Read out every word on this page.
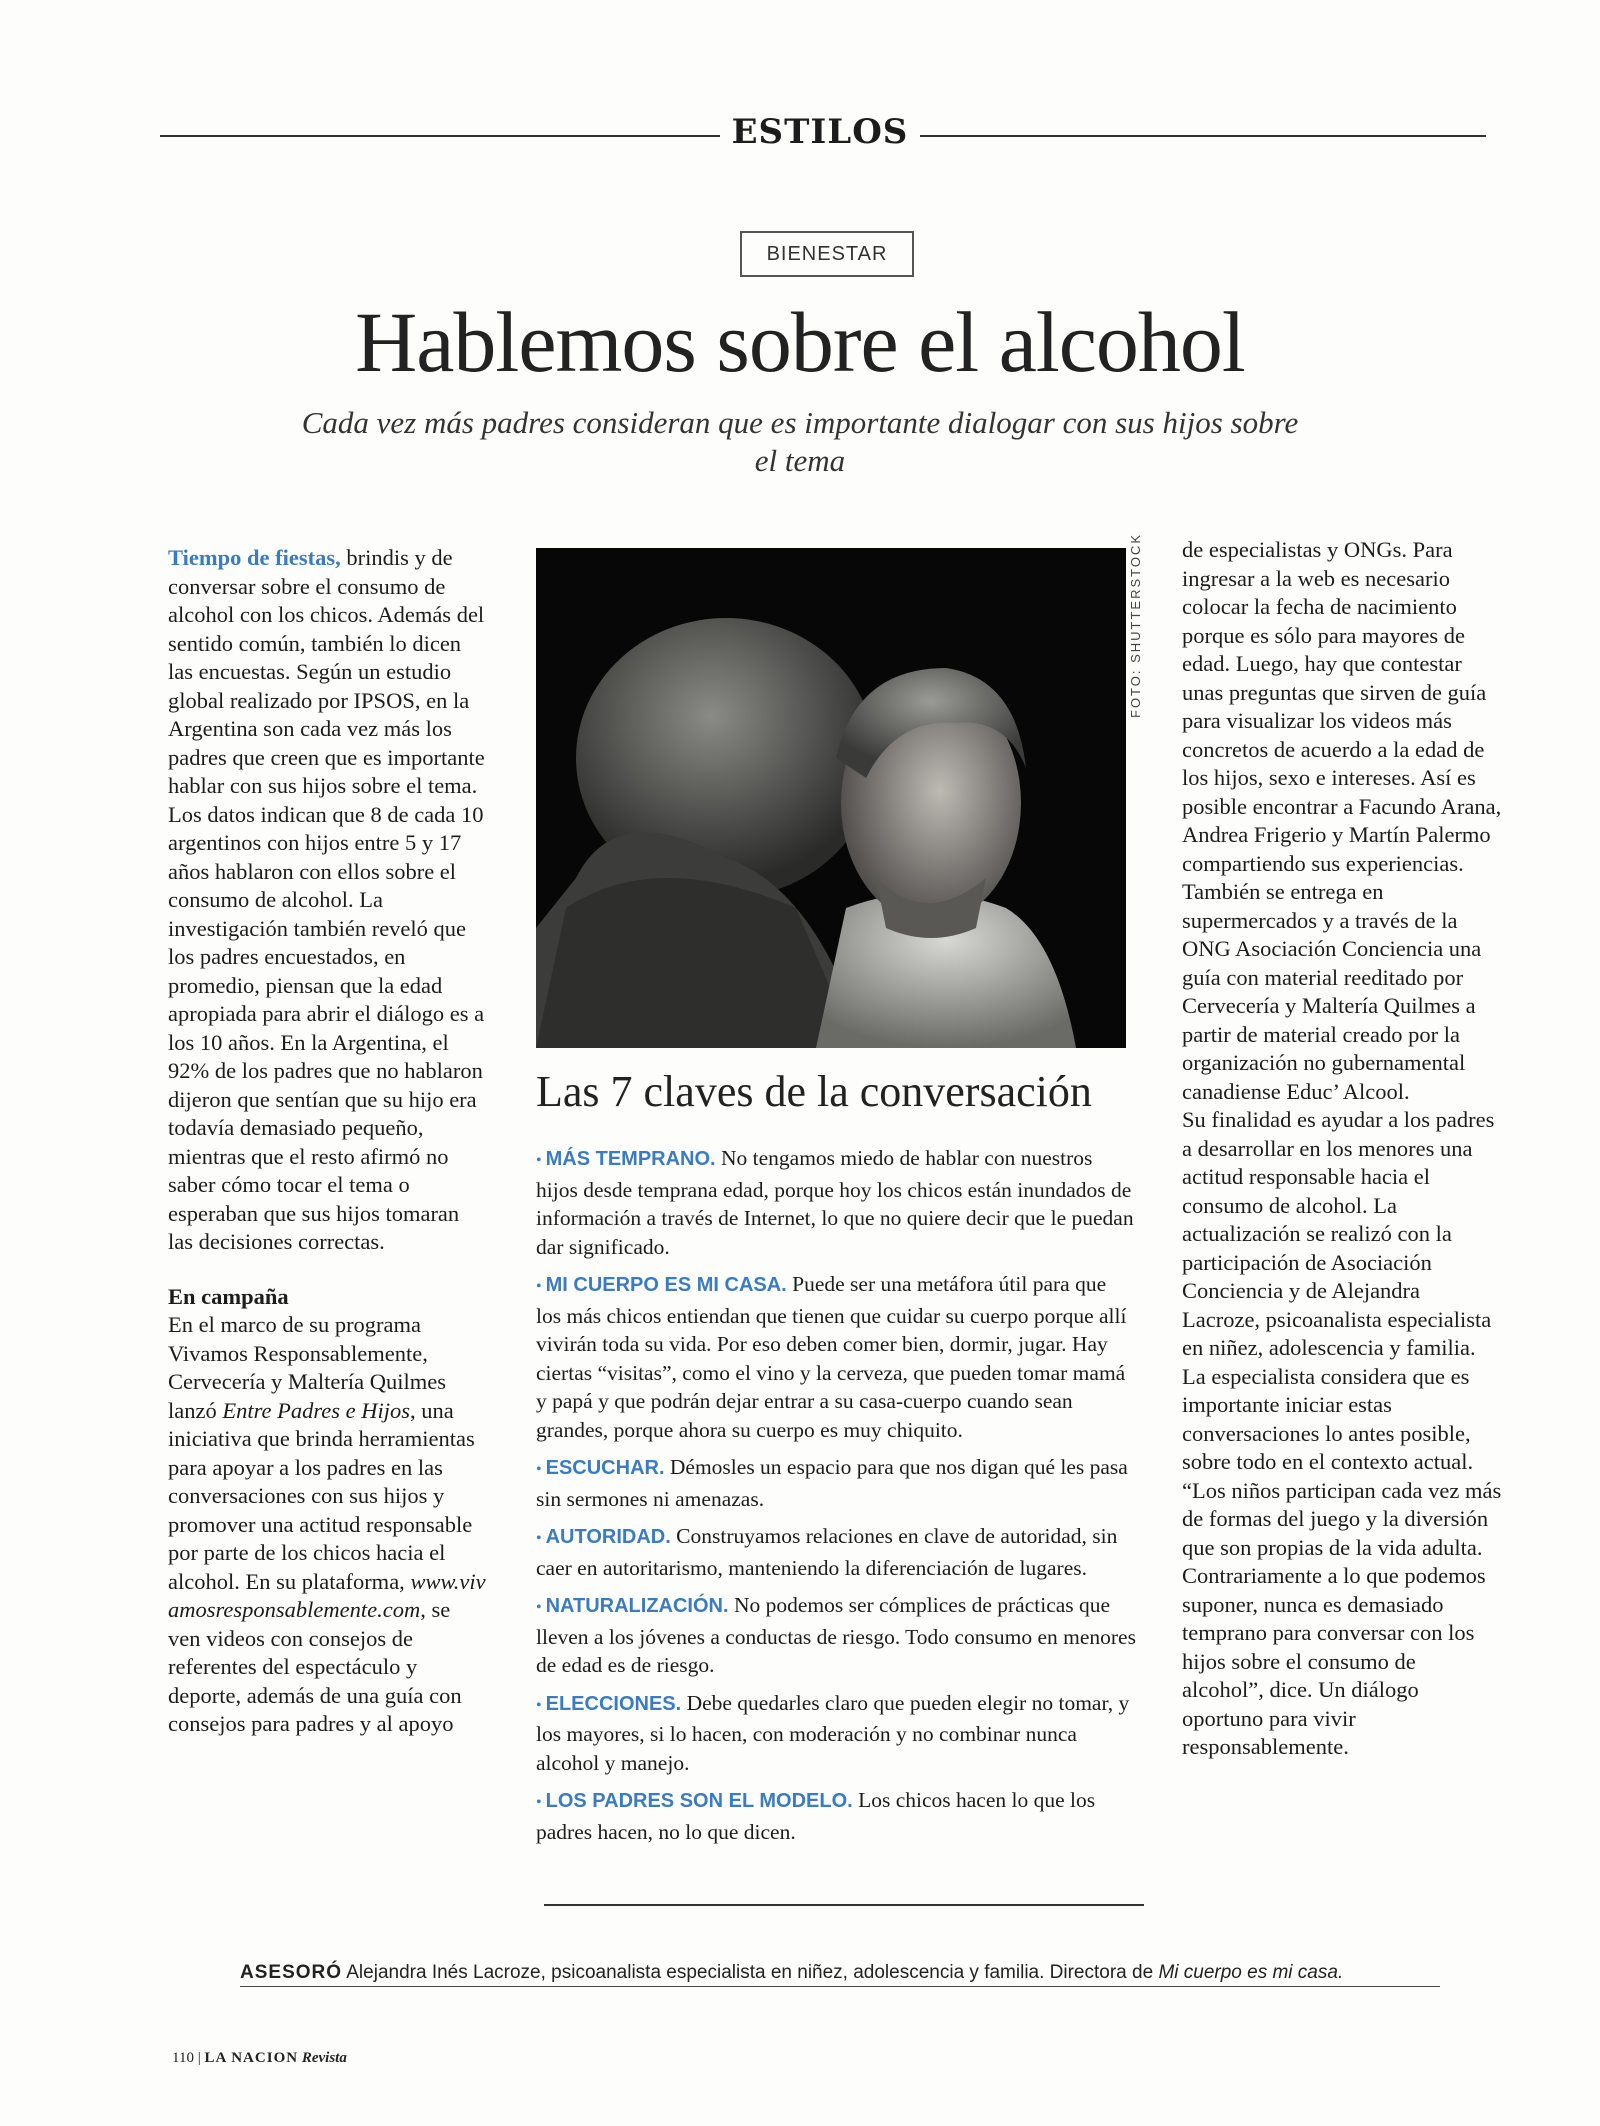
ESTILOS
BIENESTAR
Hablemos sobre el alcohol
Cada vez más padres consideran que es importante dialogar con sus hijos sobre el tema

Tiempo de fiestas, brindis y de conversar sobre el consumo de alcohol con los chicos. Además del sentido común, también lo dicen las encuestas. Según un estudio global realizado por IPSOS, en la Argentina son cada vez más los padres que creen que es importante hablar con sus hijos sobre el tema. Los datos indican que 8 de cada 10 argentinos con hijos entre 5 y 17 años hablaron con ellos sobre el consumo de alcohol. La investigación también reveló que los padres encuestados, en promedio, piensan que la edad apropiada para abrir el diálogo es a los 10 años. En la Argentina, el 92% de los padres que no hablaron dijeron que sentían que su hijo era todavía demasiado pequeño, mientras que el resto afirmó no saber cómo tocar el tema o esperaban que sus hijos tomaran las decisiones correctas.

En campaña

En el marco de su programa Vivamos Responsablemente, Cervecería y Maltería Quilmes lanzó Entre Padres e Hijos, una iniciativa que brinda herramientas para apoyar a los padres en las conversaciones con sus hijos y promover una actitud responsable por parte de los chicos hacia el alcohol. En su plataforma, www.vivamosresponsablemente.com, se ven videos con consejos de referentes del espectáculo y deporte, además de una guía con consejos para padres y al apoyo

FOTO: SHUTTERSTOCK
Las 7 claves de la conversación

• MÁS TEMPRANO. No tengamos miedo de hablar con nuestros hijos desde temprana edad, porque hoy los chicos están inundados de información a través de Internet, lo que no quiere decir que le puedan dar significado.

• MI CUERPO ES MI CASA. Puede ser una metáfora útil para que los más chicos entiendan que tienen que cuidar su cuerpo porque allí vivirán toda su vida. Por eso deben comer bien, dormir, jugar. Hay ciertas “visitas”, como el vino y la cerveza, que pueden tomar mamá y papá y que podrán dejar entrar a su casa-cuerpo cuando sean grandes, porque ahora su cuerpo es muy chiquito.

• ESCUCHAR. Démosles un espacio para que nos digan qué les pasa sin sermones ni amenazas.

• AUTORIDAD. Construyamos relaciones en clave de autoridad, sin caer en autoritarismo, manteniendo la diferenciación de lugares.

• NATURALIZACIÓN. No podemos ser cómplices de prácticas que lleven a los jóvenes a conductas de riesgo. Todo consumo en menores de edad es de riesgo.

• ELECCIONES. Debe quedarles claro que pueden elegir no tomar, y los mayores, si lo hacen, con moderación y no combinar nunca alcohol y manejo.

• LOS PADRES SON EL MODELO. Los chicos hacen lo que los padres hacen, no lo que dicen.

de especialistas y ONGs. Para ingresar a la web es necesario colocar la fecha de nacimiento porque es sólo para mayores de edad. Luego, hay que contestar unas preguntas que sirven de guía para visualizar los videos más concretos de acuerdo a la edad de los hijos, sexo e intereses. Así es posible encontrar a Facundo Arana, Andrea Frigerio y Martín Palermo compartiendo sus experiencias.

También se entrega en supermercados y a través de la ONG Asociación Conciencia una guía con material reeditado por Cervecería y Maltería Quilmes a partir de material creado por la organización no gubernamental canadiense Educ’ Alcool.

Su finalidad es ayudar a los padres a desarrollar en los menores una actitud responsable hacia el consumo de alcohol. La actualización se realizó con la participación de Asociación Conciencia y de Alejandra Lacroze, psicoanalista especialista en niñez, adolescencia y familia.

La especialista considera que es importante iniciar estas conversaciones lo antes posible, sobre todo en el contexto actual. “Los niños participan cada vez más de formas del juego y la diversión que son propias de la vida adulta. Contrariamente a lo que podemos suponer, nunca es demasiado temprano para conversar con los hijos sobre el consumo de alcohol”, dice. Un diálogo oportuno para vivir responsablemente.

ASESORÓ Alejandra Inés Lacroze, psicoanalista especialista en niñez, adolescencia y familia. Directora de Mi cuerpo es mi casa.
110 | LA NACION Revista
